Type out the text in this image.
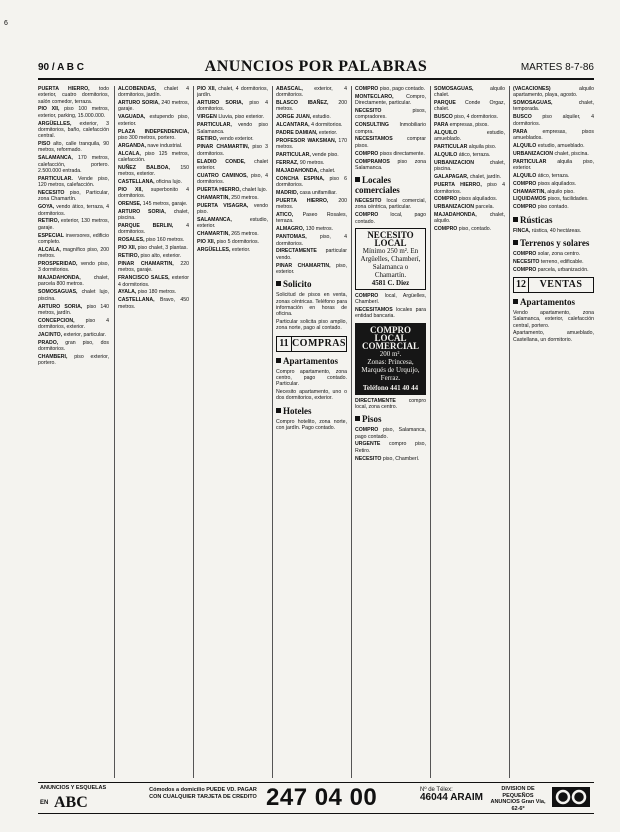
6
90 / A B C	ANUNCIOS POR PALABRAS	MARTES 8-7-86
PUERTA HIERRO, todo exterior, cuatro dormitorios, salón comedor, terraza.
PIO XII, piso 100 metros, exterior, parking, 15.000.000.
ARGÜELLES, exterior, 3 dormitorios, baño, calefacción central.
PISO alto, calle tranquila, 90 metros, reformado.
SALAMANCA, 170 metros, calefacción, portero. 2.500.000 entrada.
PARTICULAR. Vende piso, 120 metros, calefacción.
NECESITO piso, Particular, zona Chamartín.
GOYA, vendo ático, terraza, 4 dormitorios.
RETIRO, exterior, 130 metros, garaje.
ESPECIAL inversores, edificio completo.
ALCALA, magnífico piso, 200 metros.
PROSPERIDAD, vendo piso, 3 dormitorios.
MAJADAHONDA, chalet, parcela 800 metros.
SOMOSAGUAS, chalet lujo, piscina.
ARTURO SORIA, piso 140 metros, jardín.
CONCEPCION, piso 4 dormitorios, exterior.
JACINTO, exterior, particular.
PRADO, gran piso, dos dormitorios.
CHAMBERI, piso exterior, portero.
ALCOBENDAS, chalet 4 dormitorios, jardín.
ARTURO SORIA, 240 metros, garaje.
VAGUADA, estupendo piso, exterior.
PLAZA INDEPENDENCIA, piso 300 metros, portero.
ARGANDA, nave industrial.
ALCALA, piso 125 metros, calefacción.
NUÑEZ BALBOA, 150 metros, exterior.
CASTELLANA, oficina lujo.
PIO XII, superbonito 4 dormitorios.
ORENSE, 145 metros, garaje.
ARTURO SORIA, chalet, piscina.
PARQUE BERLIN, 4 dormitorios.
ROSALES, piso 160 metros.
PIO XII, piso chalet, 3 plantas.
RETIRO, piso alto, exterior.
PINAR CHAMARTIN, 220 metros, garaje.
FRANCISCO SALES, exterior 4 dormitorios.
AYALA, piso 180 metros.
CASTELLANA, Bravo, 450 metros.
PIO XII, chalet, 4 dormitorios, jardín.
ARTURO SORIA, piso 4 dormitorios.
VIRGEN Lluvia, piso exterior.
PARTICULAR, vendo piso Salamanca.
RETIRO, vendo exterior.
PINAR CHAMARTIN, piso 3 dormitorios.
ELADIO CONDE, chalet exterior.
CUATRO CAMINOS, piso, 4 dormitorios.
PUERTA HIERRO, chalet lujo.
CHAMARTIN, 250 metros.
PUERTA VISAGRA, vendo piso.
SALAMANCA, estudio, exterior.
CHAMARTIN, 265 metros.
PIO XII, piso 5 dormitorios.
ARGÜELLES, exterior.
ABASCAL, exterior, 4 dormitorios.
BLASCO IBAÑEZ, 200 metros.
JORGE JUAN, estudio.
ALCANTARA, 4 dormitorios.
PADRE DAMIAN, exterior.
PROFESOR WAKSMAN, 170 metros.
PARTICULAR, vende piso.
FERRAZ, 90 metros.
MAJADAHONDA, chalet.
CONCHA ESPINA, piso 6 dormitorios.
MADRID, casa unifamiliar.
PUERTA HIERRO, 200 metros.
ATICO, Paseo Rosales, terraza.
ALMAGRO, 130 metros.
PANTOMAS, piso, 4 dormitorios.
DIRECTAMENTE particular vendo.
PINAR CHAMARTIN, piso, exterior.
Solicito
Solicitud de pisos en venta, zonas céntricas. Teléfono para información en horas de oficina.
Particular solicita piso amplio, zona norte, pago al contado.
11 COMPRAS
Apartamentos
Compro apartamento, zona centro, pago contado. Particular.
Necesito apartamento, uno o dos dormitorios, exterior.
Hoteles
Compro hotelito, zona norte, con jardín. Pago contado.
COMPRO piso, pago contado.
MONTECLARO, Compro, Directamente, particular.
NECESITO pisos, compradores.
CONSULTING Inmobiliario compra.
NECESITAMOS comprar pisos.
COMPRO pisos directamente.
COMPRAMOS piso zona Salamanca.
Locales comerciales
NECESITO local comercial, zona céntrica, particular.
COMPRO local, pago contado.
NECESITO LOCAL
Mínimo 250 m². En Argüelles, Chamberí, Salamanca o Chamartín.
4581 C. Diez
COMPRO local, Argüelles, Chamberí.
NECESITAMOS locales para entidad bancaria.
COMPRO LOCAL COMERCIAL
200 m².
Zonas: Princesa, Marqués de Urquijo, Ferraz.
Teléfono 441 40 44
DIRECTAMENTE compro local, zona centro.
Pisos
COMPRO piso, Salamanca, pago contado.
URGENTE compro piso, Retiro.
NECESITO piso, Chamberí.
SOMOSAGUAS, alquilo chalet.
PARQUE Conde Orgaz, chalet.
BUSCO piso, 4 dormitorios.
PARA empresas, pisos.
ALQUILO estudio, amueblado.
PARTICULAR alquila piso.
ALQUILO ático, terraza.
URBANIZACION chalet, piscina.
GALAPAGAR, chalet, jardín.
PUERTA HIERRO, piso 4 dormitorios.
COMPRO pisos alquilados.
URBANIZACION parcela.
MAJADAHONDA, chalet, alquilo.
COMPRO piso, contado.
(VACACIONES) alquilo apartamento, playa, agosto.
SOMOSAGUAS, chalet, temporada.
BUSCO piso alquiler, 4 dormitorios.
PARA empresas, pisos amueblados.
ALQUILO estudio, amueblado.
URBANIZACION chalet, piscina.
PARTICULAR alquila piso, exterior.
ALQUILO ático, terraza.
COMPRO pisos alquilados.
CHAMARTIN, alquilo piso.
LIQUIDAMOS pisos, facilidades.
COMPRO piso contado.
Rústicas
FINCA, rústica, 40 hectáreas.
Terrenos y solares
COMPRO solar, zona centro.
NECESITO terreno, edificable.
COMPRO parcela, urbanización.
12	VENTAS
Apartamentos
Vendo apartamento, zona Salamanca, exterior, calefacción central, portero.
Apartamento, amueblado, Castellana, un dormitorio.
ANUNCIOS Y ESQUELAS
EN ABC
Cómodos a domicilio PUEDE VD. PAGAR CON CUALQUIER TARJETA DE CREDITO 247 04 00	Nº de Télex:
46044 ARAIM
DIVISION DE PEQUEÑOS ANUNCIOS Gran Vía, 62-6º
